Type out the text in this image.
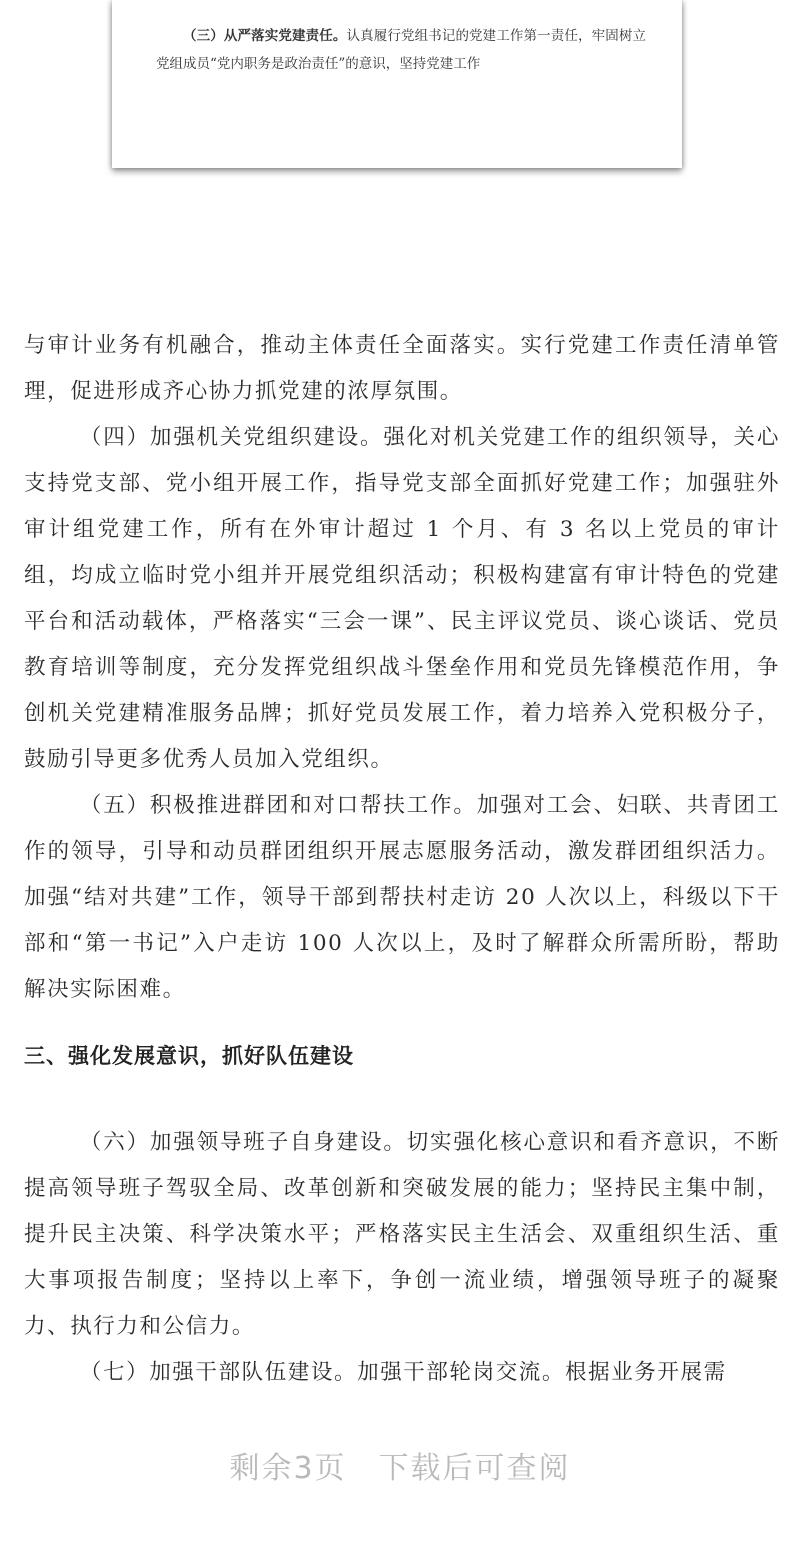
（三）从严落实党建责任。认真履行党组书记的党建工作第一责任，牢固树立党组成员“党内职务是政治责任”的意识，坚持党建工作

与审计业务有机融合，推动主体责任全面落实。实行党建工作责任清单管理，促进形成齐心协力抓党建的浓厚氛围。

（四）加强机关党组织建设。强化对机关党建工作的组织领导，关心支持党支部、党小组开展工作，指导党支部全面抓好党建工作；加强驻外审计组党建工作，所有在外审计超过 1 个月、有 3 名以上党员的审计组，均成立临时党小组并开展党组织活动；积极构建富有审计特色的党建平台和活动载体，严格落实“三会一课”、民主评议党员、谈心谈话、党员教育培训等制度，充分发挥党组织战斗堡垒作用和党员先锋模范作用，争创机关党建精准服务品牌；抓好党员发展工作，着力培养入党积极分子，鼓励引导更多优秀人员加入党组织。

（五）积极推进群团和对口帮扶工作。加强对工会、妇联、共青团工作的领导，引导和动员群团组织开展志愿服务活动，激发群团组织活力。加强“结对共建”工作，领导干部到帮扶村走访 20 人次以上，科级以下干部和“第一书记”入户走访 100 人次以上，及时了解群众所需所盼，帮助解决实际困难。

三、强化发展意识，抓好队伍建设

（六）加强领导班子自身建设。切实强化核心意识和看齐意识，不断提高领导班子驾驭全局、改革创新和突破发展的能力；坚持民主集中制，提升民主决策、科学决策水平；严格落实民主生活会、双重组织生活、重大事项报告制度；坚持以上率下，争创一流业绩，增强领导班子的凝聚力、执行力和公信力。

（七）加强干部队伍建设。加强干部轮岗交流。根据业务开展需

剩余3页　下载后可查阅
